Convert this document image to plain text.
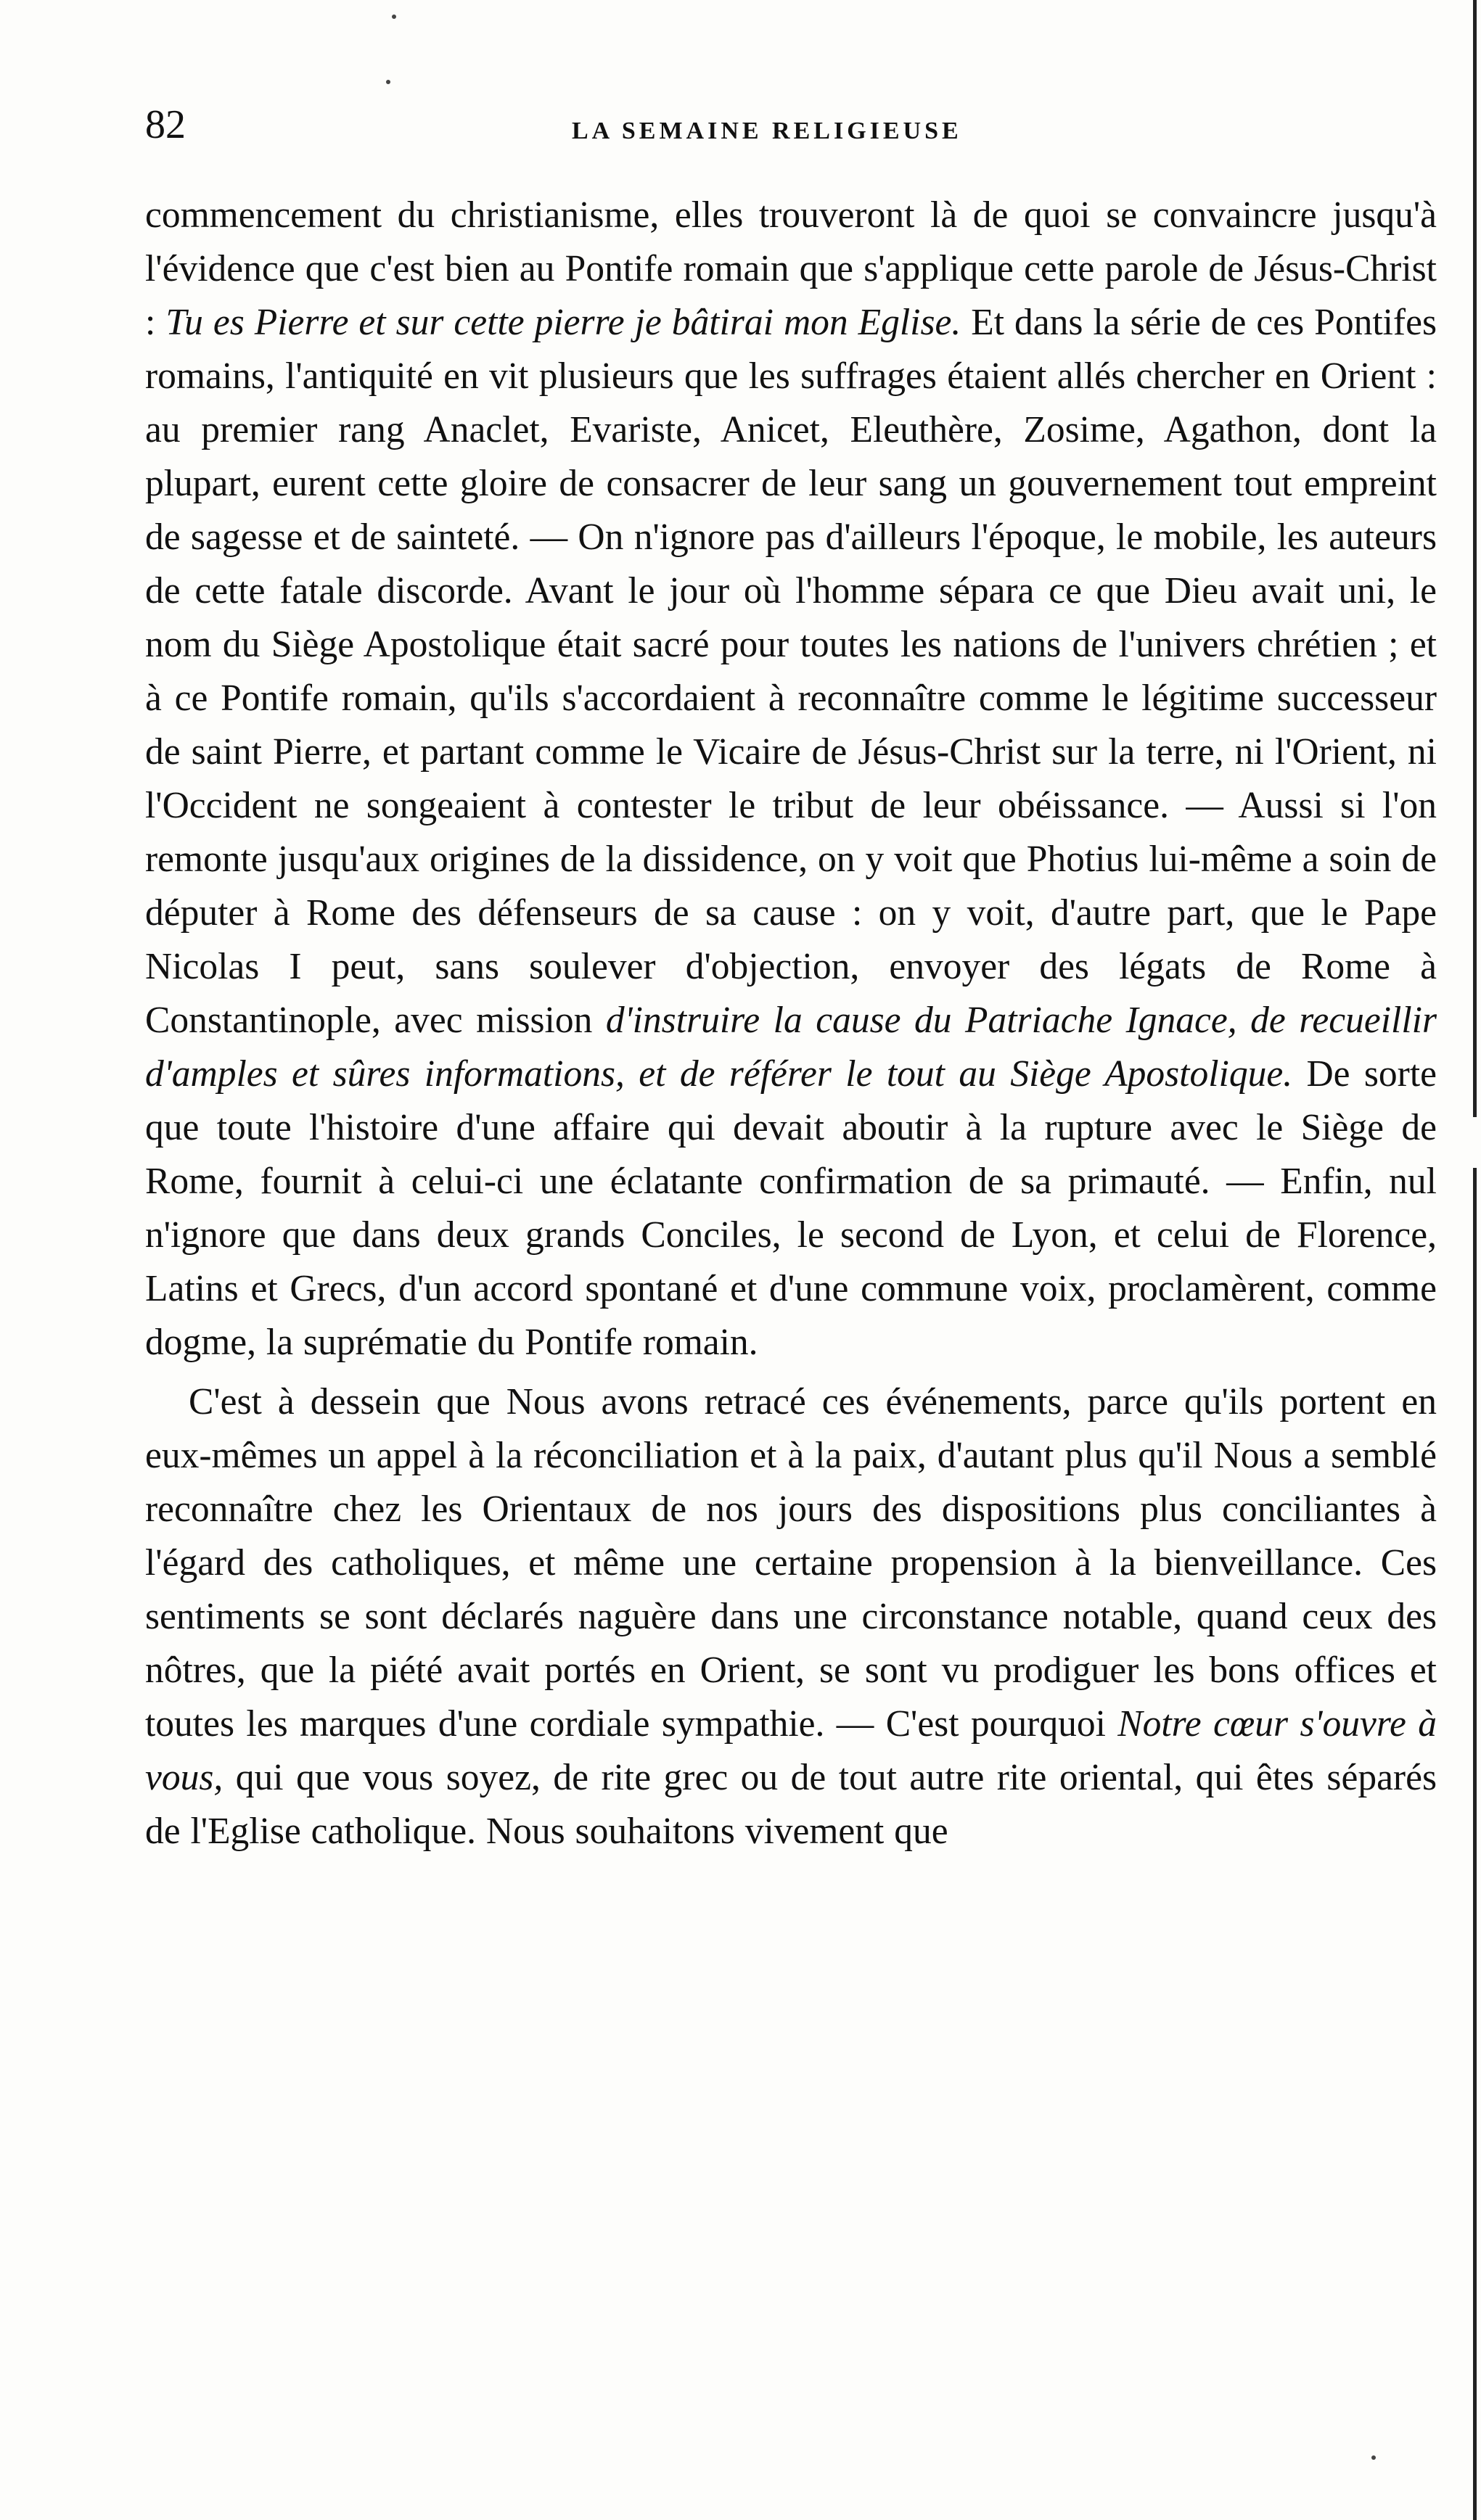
82	LA SEMAINE RELIGIEUSE

commencement du christianisme, elles trouveront là de quoi se convaincre jusqu'à l'évidence que c'est bien au Pontife romain que s'applique cette parole de Jésus-Christ : Tu es Pierre et sur cette pierre je bâtirai mon Eglise. Et dans la série de ces Pontifes romains, l'antiquité en vit plusieurs que les suffrages étaient allés chercher en Orient : au premier rang Anaclet, Evariste, Anicet, Eleuthère, Zosime, Agathon, dont la plupart, eurent cette gloire de consacrer de leur sang un gouvernement tout empreint de sagesse et de sainteté. — On n'ignore pas d'ailleurs l'époque, le mobile, les auteurs de cette fatale discorde. Avant le jour où l'homme sépara ce que Dieu avait uni, le nom du Siège Apostolique était sacré pour toutes les nations de l'univers chrétien ; et à ce Pontife romain, qu'ils s'accordaient à reconnaître comme le légitime successeur de saint Pierre, et partant comme le Vicaire de Jésus-Christ sur la terre, ni l'Orient, ni l'Occident ne songeaient à contester le tribut de leur obéissance. — Aussi si l'on remonte jusqu'aux origines de la dissidence, on y voit que Photius lui-même a soin de députer à Rome des défenseurs de sa cause : on y voit, d'autre part, que le Pape Nicolas I peut, sans soulever d'objection, envoyer des légats de Rome à Constantinople, avec mission d'instruire la cause du Patriache Ignace, de recueillir d'amples et sûres informations, et de référer le tout au Siège Apostolique. De sorte que toute l'histoire d'une affaire qui devait aboutir à la rupture avec le Siège de Rome, fournit à celui-ci une éclatante confirmation de sa primauté. — Enfin, nul n'ignore que dans deux grands Conciles, le second de Lyon, et celui de Florence, Latins et Grecs, d'un accord spontané et d'une commune voix, proclamèrent, comme dogme, la suprématie du Pontife romain.

C'est à dessein que Nous avons retracé ces événements, parce qu'ils portent en eux-mêmes un appel à la réconciliation et à la paix, d'autant plus qu'il Nous a semblé reconnaître chez les Orientaux de nos jours des dispositions plus conciliantes à l'égard des catholiques, et même une certaine propension à la bienveillance. Ces sentiments se sont déclarés naguère dans une circonstance notable, quand ceux des nôtres, que la piété avait portés en Orient, se sont vu prodiguer les bons offices et toutes les marques d'une cordiale sympathie. — C'est pourquoi Notre cœur s'ouvre à vous, qui que vous soyez, de rite grec ou de tout autre rite oriental, qui êtes séparés de l'Eglise catholique. Nous souhaitons vivement que
